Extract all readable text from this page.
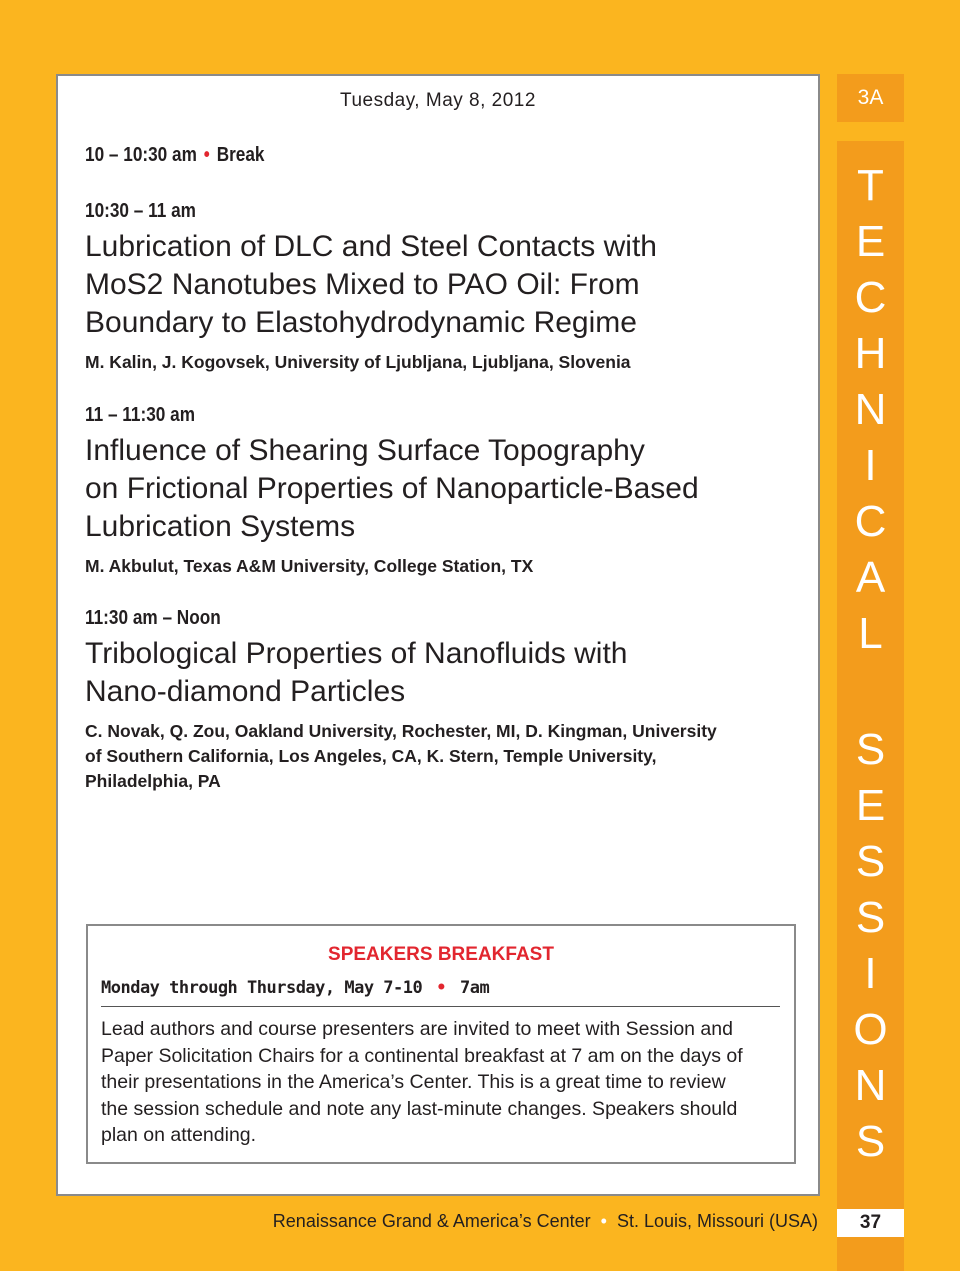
Tuesday, May 8, 2012
10 – 10:30 am • Break
10:30 – 11 am
Lubrication of DLC and Steel Contacts with
MoS2 Nanotubes Mixed to PAO Oil: From
Boundary to Elastohydrodynamic Regime
M. Kalin, J. Kogovsek, University of Ljubljana, Ljubljana, Slovenia
11 – 11:30 am
Influence of Shearing Surface Topography
on Frictional Properties of Nanoparticle-Based
Lubrication Systems
M. Akbulut, Texas A&M University, College Station, TX
11:30 am – Noon
Tribological Properties of Nanofluids with
Nano-diamond Particles
C. Novak, Q. Zou, Oakland University, Rochester, MI, D. Kingman, University
of Southern California, Los Angeles, CA, K. Stern, Temple University,
Philadelphia, PA
SPEAKERS BREAKFAST
Monday through Thursday, May 7-10 • 7am
Lead authors and course presenters are invited to meet with Session and
Paper Solicitation Chairs for a continental breakfast at 7 am on the days of
their presentations in the America’s Center. This is a great time to review
the session schedule and note any last-minute changes. Speakers should
plan on attending.
3A
T
E
C
H
N
I
C
A
L
S
E
S
S
I
O
N
S
37
Renaissance Grand & America’s Center • St. Louis, Missouri (USA)
